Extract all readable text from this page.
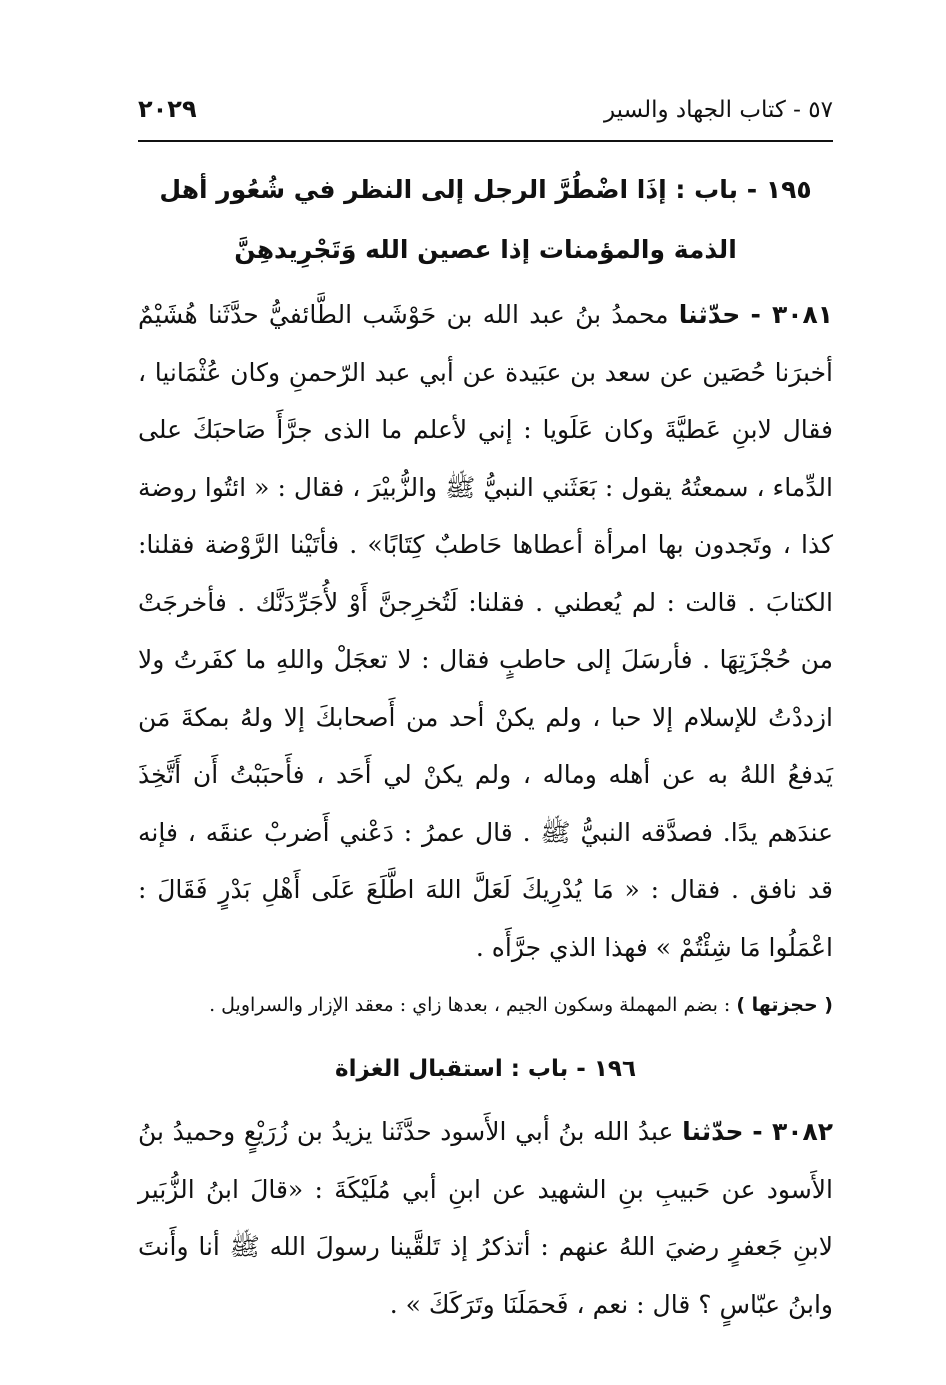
٥٧ - كتاب الجهاد والسير
٢٠٢٩

١٩٥ - باب : إذَا اضْطُرَّ الرجل إلى النظر في شُعُور أهل الذمة والمؤمنات إذا عصين الله وَتَجْرِيدهِنَّ

٣٠٨١ - حدّثنا محمدُ بنُ عبد الله بن حَوْشَب الطَّائفيُّ حدَّثَنا هُشَيْمٌ أخبرَنا حُصَين عن سعد بن عبَيدة عن أبي عبد الرّحمنِ وكان عُثْمَانيا ، فقال لابنِ عَطيَّةَ وكان عَلَويا : إني لأعلم ما الذى جرَّأَ صَاحبَكَ على الدِّماء ، سمعتُهُ يقول : بَعَثَني النبيُّ ﷺ والزُّبيْرَ ، فقال : « ائتُوا روضة كذا ، وتَجدون بها امرأة أعطاها حَاطبٌ كِتَابًا» . فأتَيْنا الرَّوْضة فقلنا: الكتابَ . قالت : لم يُعطني . فقلنا: لَتُخرِجنَّ أَوْ لأُجَرِّدَنَّك . فأخرجَتْ من حُجْزَتِهَا . فأرسَلَ إلى حاطبٍ فقال : لا تعجَلْ واللهِ ما كفَرتُ ولا ازددْتُ للإسلام إلا حبا ، ولم يكنْ أحد من أَصحابكَ إلا ولهُ بمكةَ مَن يَدفعُ اللهُ به عن أهله وماله ، ولم يكنْ لي أَحَد ، فأَحبَبْتُ أَن أَتَّخِذَ عندَهم يدًا. فصدَّقه النبيُّ ﷺ . قال عمرُ : دَعْني أَضربْ عنقَه ، فإنه قد نافق . فقال : « مَا يُدْرِيكَ لَعَلَّ اللهَ اطَّلَعَ عَلَى أَهْلِ بَدْرٍ فَقَالَ : اعْمَلُوا مَا شِئْتُمْ » فهذا الذي جرَّأَه .

( حجزتها ) : بضم المهملة وسكون الجيم ، بعدها زاي : معقد الإزار والسراويل .

١٩٦ - باب : استقبال الغزاة

٣٠٨٢ - حدّثنا عبدُ الله بنُ أبي الأَسود حدَّثَنا يزيدُ بن زُرَيْعٍ وحميدُ بنُ الأَسود عن حَبيبِ بنِ الشهيد عن ابنِ أبي مُلَيْكَةَ : «قالَ ابنُ الزُّبَير لابنِ جَعفرٍ رضيَ اللهُ عنهم : أتذكرُ إذ تَلقَّينا رسولَ الله ﷺ أنا وأَنتَ وابنُ عبّاسٍ ؟ قال : نعم ، فَحمَلَنَا وتَرَكَكَ » .
